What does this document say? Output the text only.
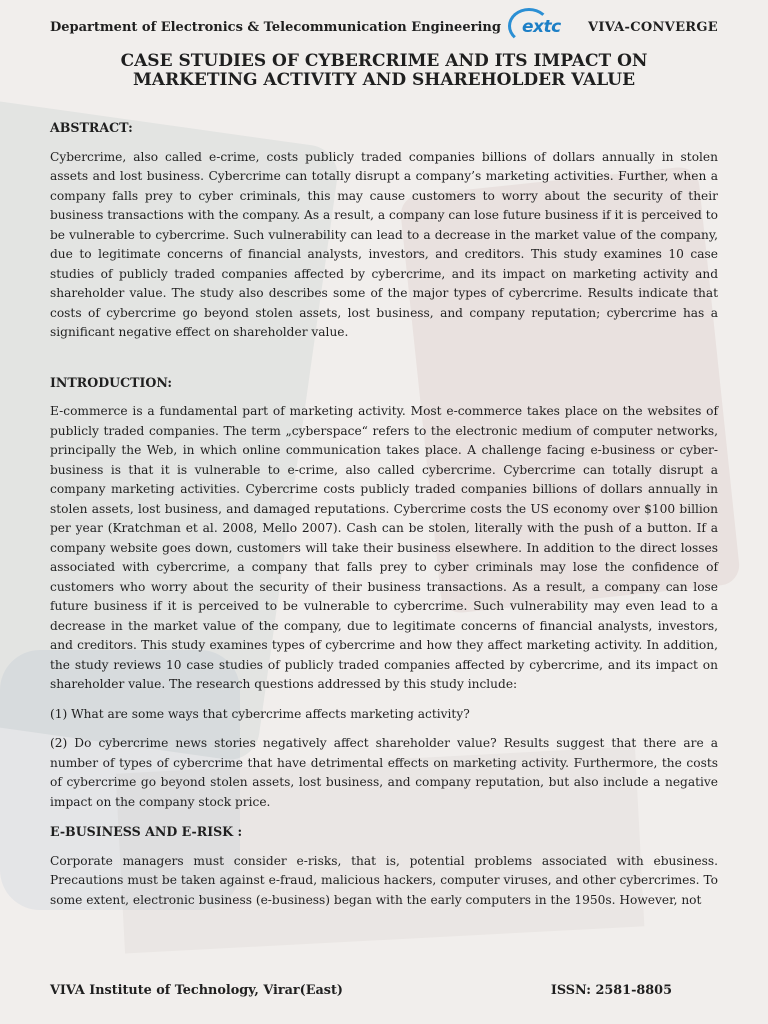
Department of Electronics & Telecommunication Engineering extc VIVA-CONVERGE
CASE STUDIES OF CYBERCRIME AND ITS IMPACT ON MARKETING ACTIVITY AND SHAREHOLDER VALUE
ABSTRACT:

Cybercrime, also called e-crime, costs publicly traded companies billions of dollars annually in stolen assets and lost business. Cybercrime can totally disrupt a company’s marketing activities. Further, when a company falls prey to cyber criminals, this may cause customers to worry about the security of their business transactions with the company. As a result, a company can lose future business if it is perceived to be vulnerable to cybercrime. Such vulnerability can lead to a decrease in the market value of the company, due to legitimate concerns of financial analysts, investors, and creditors. This study examines 10 case studies of publicly traded companies affected by cybercrime, and its impact on marketing activity and shareholder value. The study also describes some of the major types of cybercrime. Results indicate that costs of cybercrime go beyond stolen assets, lost business, and company reputation; cybercrime has a significant negative effect on shareholder value.

INTRODUCTION:

E-commerce is a fundamental part of marketing activity. Most e-commerce takes place on the websites of publicly traded companies. The term „cyberspace“ refers to the electronic medium of computer networks, principally the Web, in which online communication takes place. A challenge facing e-business or cyber-business is that it is vulnerable to e-crime, also called cybercrime. Cybercrime can totally disrupt a company marketing activities. Cybercrime costs publicly traded companies billions of dollars annually in stolen assets, lost business, and damaged reputations. Cybercrime costs the US economy over $100 billion per year (Kratchman et al. 2008, Mello 2007). Cash can be stolen, literally with the push of a button. If a company website goes down, customers will take their business elsewhere. In addition to the direct losses associated with cybercrime, a company that falls prey to cyber criminals may lose the confidence of customers who worry about the security of their business transactions. As a result, a company can lose future business if it is perceived to be vulnerable to cybercrime. Such vulnerability may even lead to a decrease in the market value of the company, due to legitimate concerns of financial analysts, investors, and creditors. This study examines types of cybercrime and how they affect marketing activity. In addition, the study reviews 10 case studies of publicly traded companies affected by cybercrime, and its impact on shareholder value. The research questions addressed by this study include:

(1) What are some ways that cybercrime affects marketing activity?

(2) Do cybercrime news stories negatively affect shareholder value? Results suggest that there are a number of types of cybercrime that have detrimental effects on marketing activity. Furthermore, the costs of cybercrime go beyond stolen assets, lost business, and company reputation, but also include a negative impact on the company stock price.

E-BUSINESS AND E-RISK :

Corporate managers must consider e-risks, that is, potential problems associated with ebusiness. Precautions must be taken against e-fraud, malicious hackers, computer viruses, and other cybercrimes. To some extent, electronic business (e-business) began with the early computers in the 1950s. However, not

VIVA Institute of Technology, Virar(East)	ISSN: 2581-8805
